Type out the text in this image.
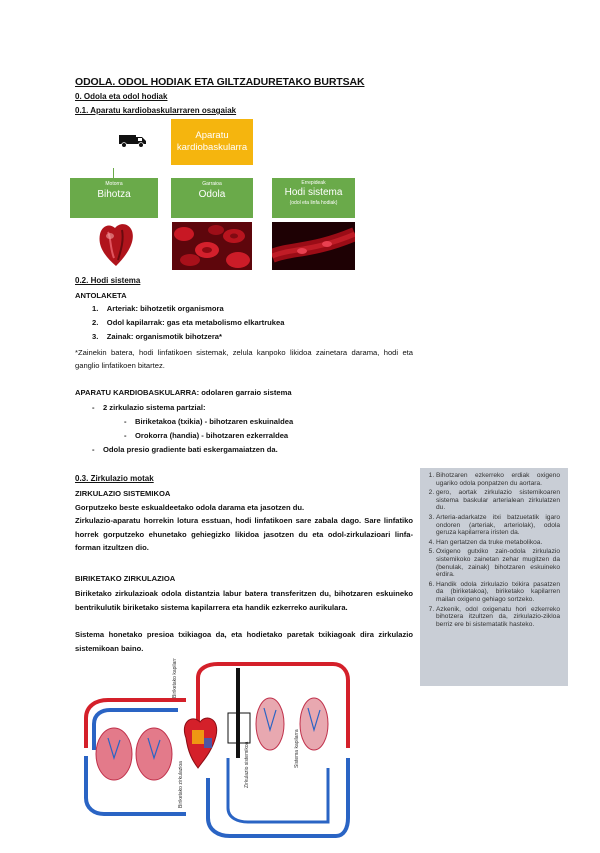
ODOLA. ODOL HODIAK ETA GILTZADURETAKO BURTSAK
0. Odola eta odol hodiak
0.1. Aparatu kardiobaskularraren osagaiak
Aparatu kardiobaskularra
Motorra
Bihotza
Garraioa
Odola
Errepideak
Hodi sistema
(odol eta linfa hodiak)
0.2. Hodi sistema
ANTOLAKETA
1.    Arteriak: bihotzetik organismora
2.    Odol kapilarrak: gas eta metabolismo elkartrukea
3.    Zainak: organismotik bihotzera*
*Zainekin batera, hodi linfatikoen sistemak, zelula kanpoko likidoa zainetara darama, hodi eta ganglio linfatikoen bitartez.
APARATU KARDIOBASKULARRA: odolaren garraio sistema
-    2 zirkulazio sistema partzial:
-    Biriketakoa (txikia) - bihotzaren eskuinaldea
-    Orokorra (handia) - bihotzaren ezkerraldea
-    Odola presio gradiente bati eskergamaiatzen da.
0.3. Zirkulazio motak
ZIRKULAZIO SISTEMIKOA
Gorputzeko beste eskualdeetako odola darama eta jasotzen du.
Zirkulazio-aparatu horrekin lotura esstuan, hodi linfatikoen sare zabala dago. Sare linfatiko horrek gorputzeko ehunetako gehiegizko likidoa jasotzen du eta odol-zirkulazioari linfa-forman itzultzen dio.
BIRIKETAKO ZIRKULAZIOA
Biriketako zirkulazioak odola distantzia labur batera transferitzen du, bihotzaren eskuineko bentrikulutik biriketako sistema kapilarrera eta handik ezkerreko aurikulara.
Sistema honetako presioa txikiagoa da, eta hodietako paretak txikiagoak dira zirkulazio sistemikoan baino.
1. Bihotzaren ezkerreko erdiak oxigeno ugariko odola ponpatzen du aortara.
2. gero, aortak zirkulazio sistemikoaren sistema baskular arterialean zirkulatzen du.
3. Arteria-adarkatze itxi batzuetatik igaro ondoren (arteriak, arteriolak), odola geruza kapilarrera iristen da.
4. Han gertatzen da truke metabolikoa.
5. Oxigeno gutxiko zain-odola zirkulazio sistemikoko zainetan zehar mugitzen da (benulak, zainak) bihotzaren eskuineko erdira.
6. Handik odola zirkulazio txikira pasatzen da (biriketakoa), biriketako kapilarren mailan oxigeno gehiago sortzeko.
7. Azkenik, odol oxigenatu hori ezkerreko bihotzera itzultzen da, zirkulazio-zikloa berriz ere bi sistematatik hasteko.
Biriketako kapilarrak
Biriketako zirkulazioa	Zirkulazio sistemikoa	Sistema kapilarra
